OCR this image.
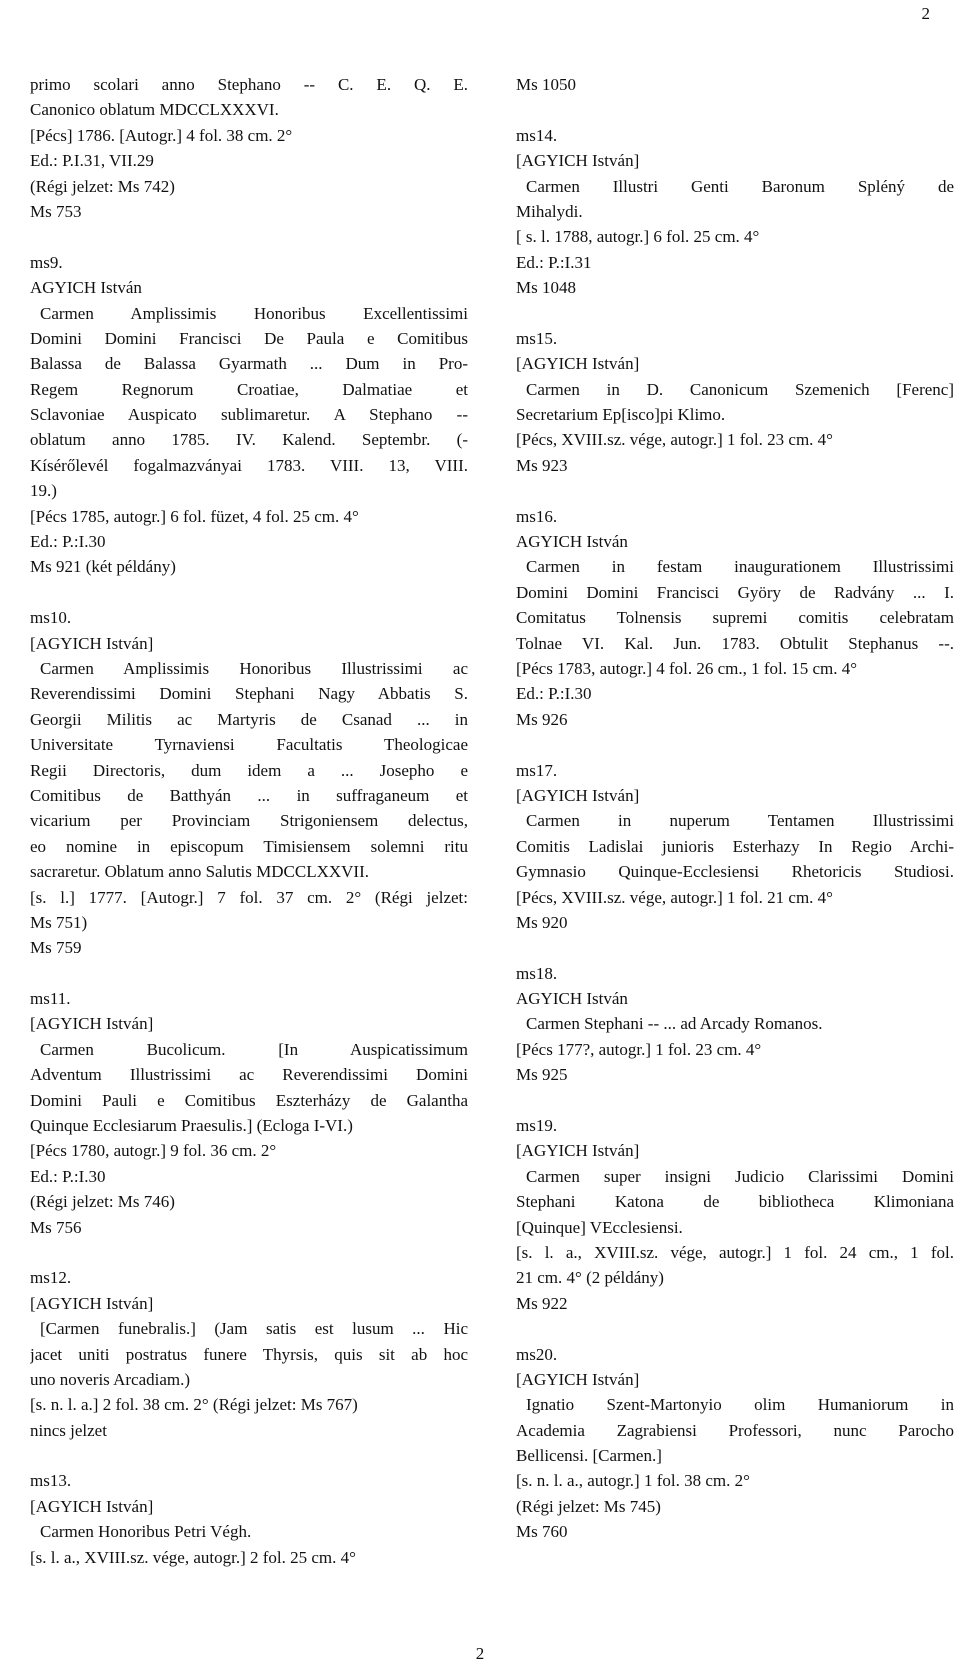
2
primo scolari anno Stephano -- C. E. Q. E.
Canonico oblatum MDCCLXXXVI.
[Pécs] 1786. [Autogr.] 4 fol. 38 cm. 2°
Ed.: P.I.31, VII.29
(Régi jelzet: Ms 742)
Ms 753
ms9.
AGYICH István
Carmen Amplissimis Honoribus Excellentissimi
Domini Domini Francisci De Paula e Comitibus
Balassa de Balassa Gyarmath ... Dum in Pro-
Regem Regnorum Croatiae, Dalmatiae et
Sclavoniae Auspicato sublimaretur. A Stephano --
oblatum anno 1785. IV. Kalend. Septembr. (-
Kísérőlevél fogalmazványai 1783. VIII. 13, VIII.
19.)
[Pécs 1785, autogr.] 6 fol. füzet, 4 fol. 25 cm. 4°
Ed.: P.:I.30
Ms 921 (két példány)
ms10.
[AGYICH István]
Carmen Amplissimis Honoribus Illustrissimi ac
Reverendissimi Domini Stephani Nagy Abbatis S.
Georgii Militis ac Martyris de Csanad ... in
Universitate Tyrnaviensi Facultatis Theologicae
Regii Directoris, dum idem a ... Josepho e
Comitibus de Batthyán ... in suffraganeum et
vicarium per Provinciam Strigoniensem delectus,
eo nomine in episcopum Timisiensem solemni ritu
sacraretur. Oblatum anno Salutis MDCCLXXVII.
[s. l.] 1777. [Autogr.] 7 fol. 37 cm. 2° (Régi jelzet:
Ms 751)
Ms 759
ms11.
[AGYICH István]
Carmen Bucolicum. [In Auspicatissimum
Adventum Illustrissimi ac Reverendissimi Domini
Domini Pauli e Comitibus Eszterházy de Galantha
Quinque Ecclesiarum Praesulis.] (Ecloga I-VI.)
[Pécs 1780, autogr.] 9 fol. 36 cm. 2°
Ed.: P.:I.30
(Régi jelzet: Ms 746)
Ms 756
ms12.
[AGYICH István]
[Carmen funebralis.] (Jam satis est lusum ... Hic
jacet uniti postratus funere Thyrsis, quis sit ab hoc
uno noveris Arcadiam.)
[s. n. l. a.] 2 fol. 38 cm. 2° (Régi jelzet: Ms 767)
nincs jelzet
ms13.
[AGYICH István]
Carmen Honoribus Petri Végh.
[s. l. a., XVIII.sz. vége, autogr.] 2 fol. 25 cm. 4°
Ms 1050
ms14.
[AGYICH István]
Carmen Illustri Genti Baronum Spléný de
Mihalydi.
[ s. l. 1788, autogr.] 6 fol. 25 cm. 4°
Ed.: P.:I.31
Ms 1048
ms15.
[AGYICH István]
Carmen in D. Canonicum Szemenich [Ferenc]
Secretarium Ep[isco]pi Klimo.
[Pécs, XVIII.sz. vége, autogr.] 1 fol. 23 cm. 4°
Ms 923
ms16.
AGYICH István
Carmen in festam inaugurationem Illustrissimi
Domini Domini Francisci Györy de Radvány ... I.
Comitatus Tolnensis supremi comitis celebratam
Tolnae VI. Kal. Jun. 1783. Obtulit Stephanus --.
[Pécs 1783, autogr.] 4 fol. 26 cm., 1 fol. 15 cm. 4°
Ed.: P.:I.30
Ms 926
ms17.
[AGYICH István]
Carmen in nuperum Tentamen Illustrissimi
Comitis Ladislai junioris Esterhazy In Regio Archi-
Gymnasio Quinque-Ecclesiensi Rhetoricis Studiosi.
[Pécs, XVIII.sz. vége, autogr.] 1 fol. 21 cm. 4°
Ms 920
ms18.
AGYICH István
Carmen Stephani -- ... ad Arcady Romanos.
[Pécs 177?, autogr.] 1 fol. 23 cm. 4°
Ms 925
ms19.
[AGYICH István]
Carmen super insigni Judicio Clarissimi Domini
Stephani Katona de bibliotheca Klimoniana
[Quinque] VEcclesiensi.
[s. l. a., XVIII.sz. vége, autogr.] 1 fol. 24 cm., 1 fol.
21 cm. 4° (2 példány)
Ms 922
ms20.
[AGYICH István]
Ignatio Szent-Martonyio olim Humaniorum in
Academia Zagrabiensi Professori, nunc Parocho
Bellicensi. [Carmen.]
[s. n. l. a., autogr.] 1 fol. 38 cm. 2°
(Régi jelzet: Ms 745)
Ms 760
2
